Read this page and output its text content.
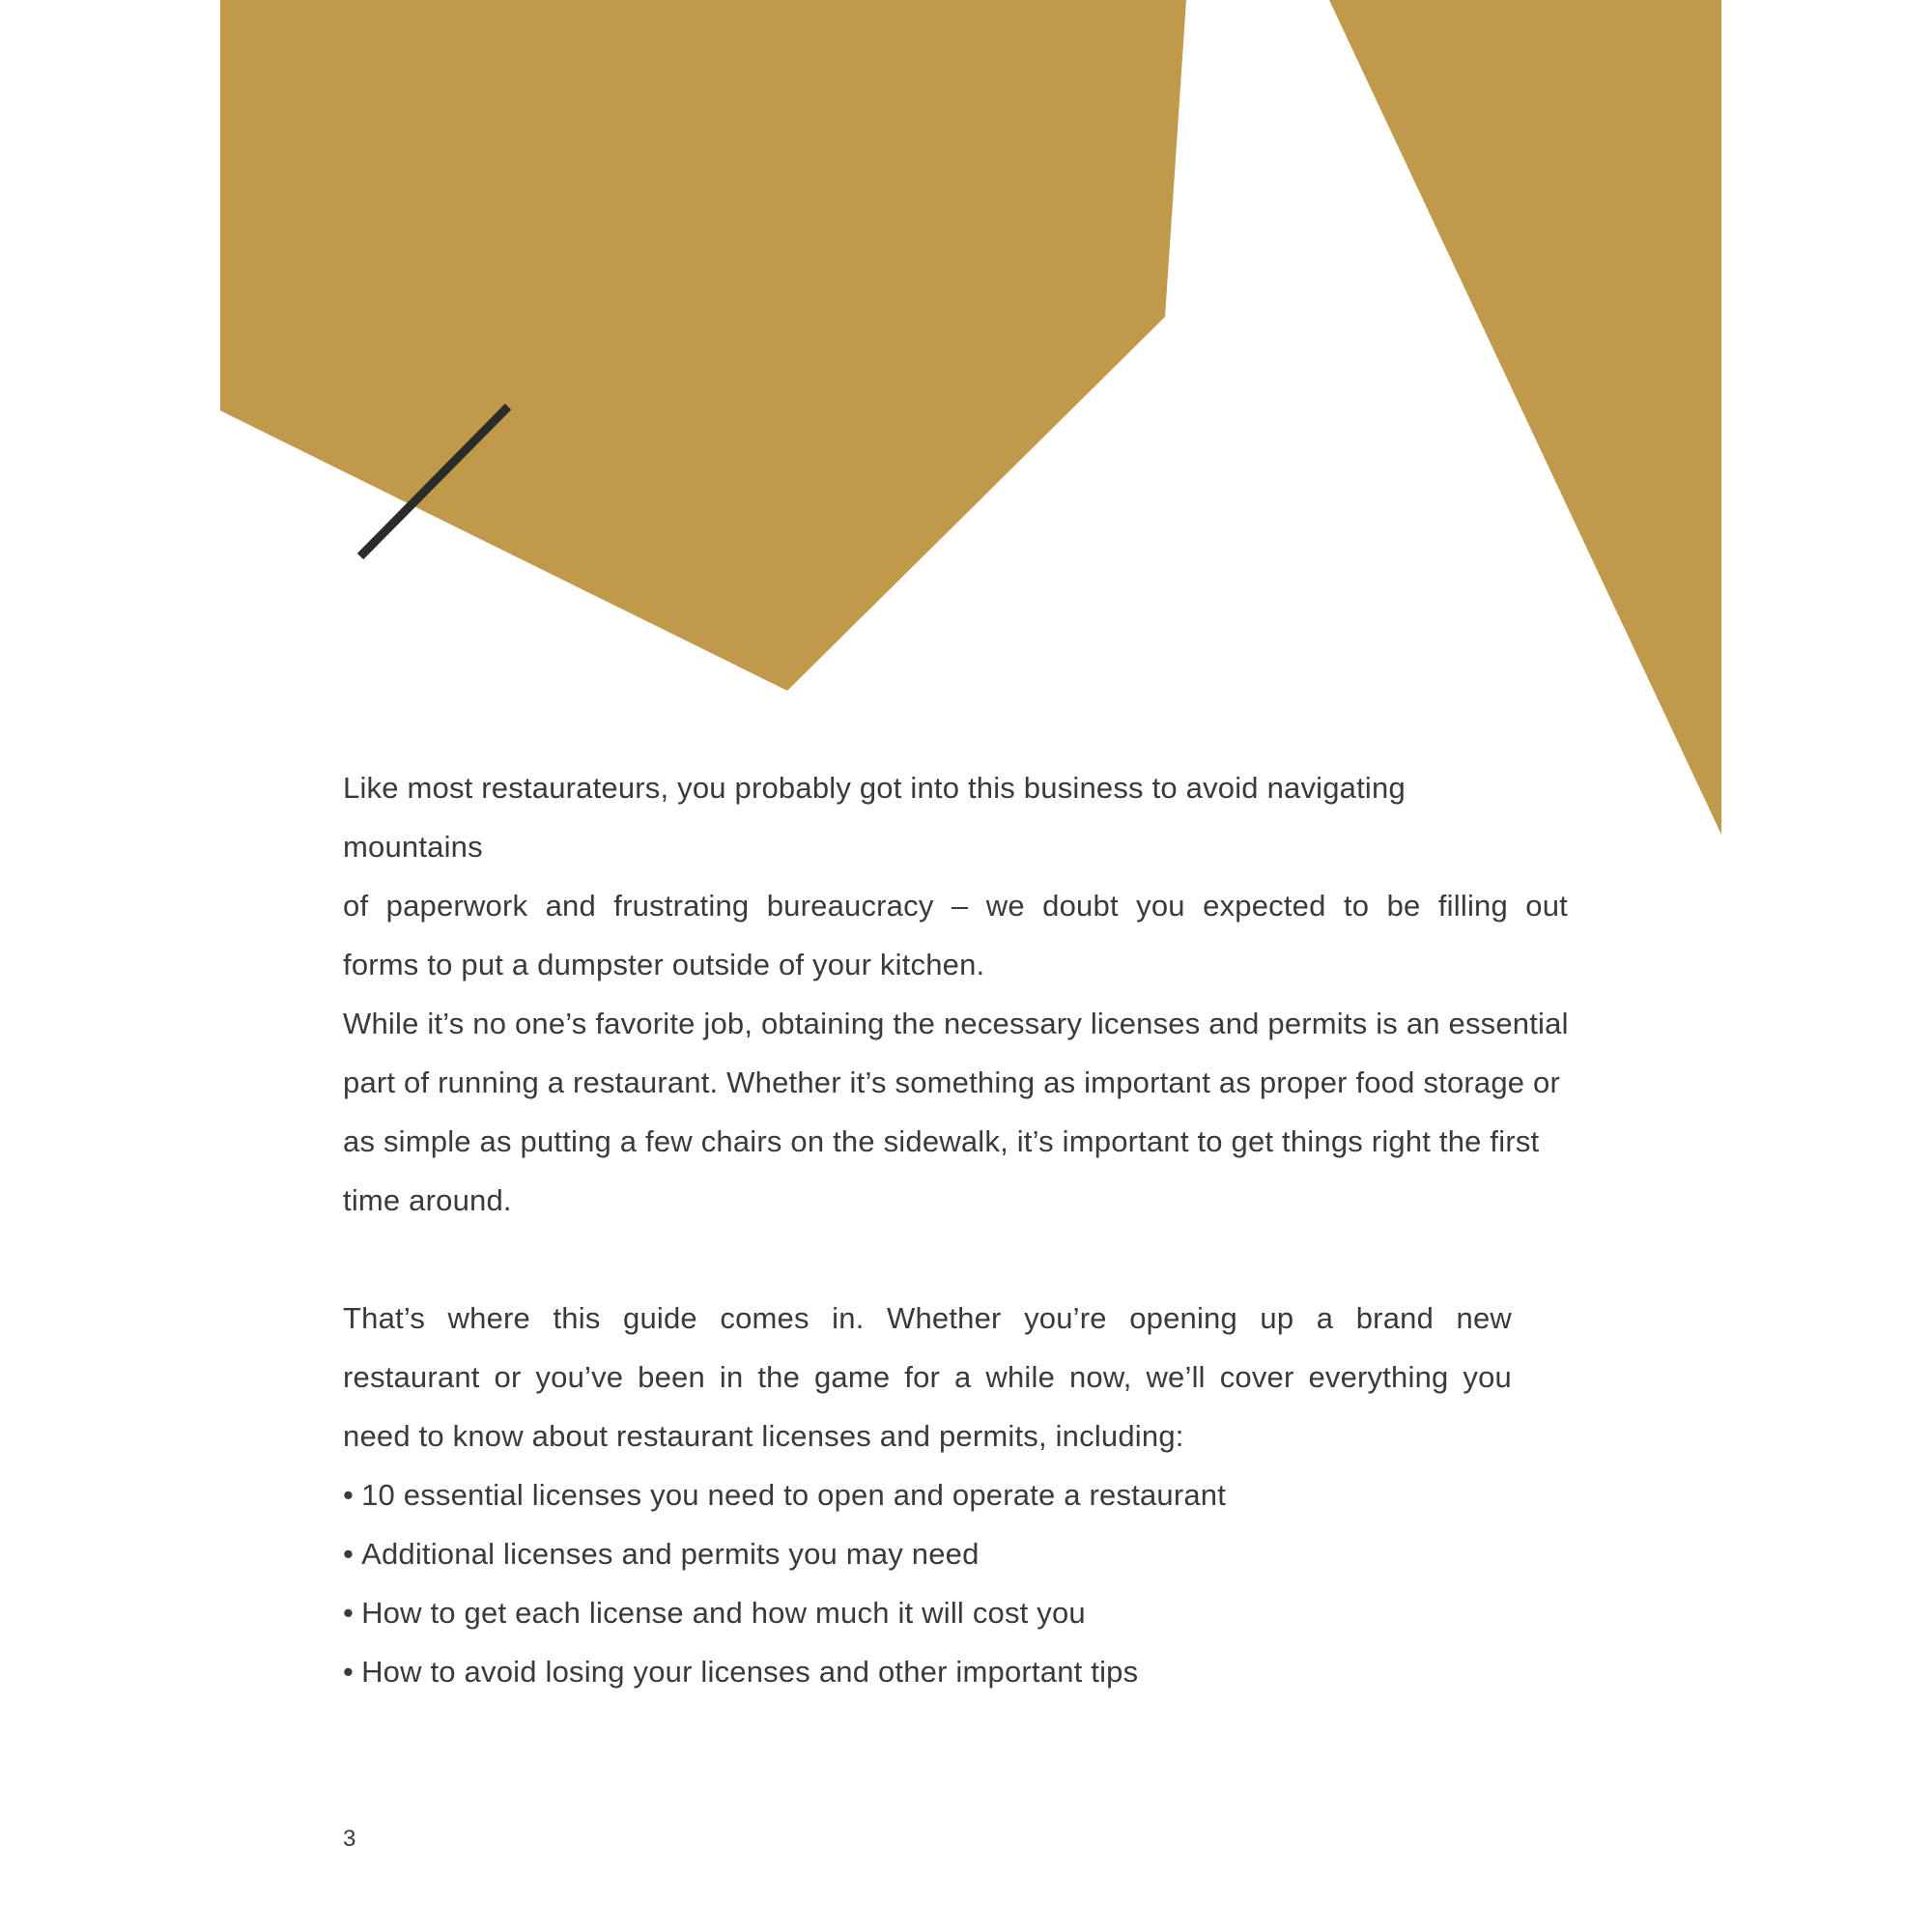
Like most restaurateurs, you probably got into this business to avoid navigating

mountains

of paperwork and frustrating bureaucracy – we doubt you expected to be filling out

forms to put a dumpster outside of your kitchen.

While it’s no one’s favorite job, obtaining the necessary licenses and permits is an essential

part of running a restaurant. Whether it’s something as important as proper food storage or

as simple as putting a few chairs on the sidewalk, it’s important to get things right the first

time around.

That’s where this guide comes in. Whether you’re opening up a brand new

restaurant or you’ve been in the game for a while now, we’ll cover everything you

need to know about restaurant licenses and permits, including:

• 10 essential licenses you need to open and operate a restaurant
• Additional licenses and permits you may need
• How to get each license and how much it will cost you
• How to avoid losing your licenses and other important tips
3
